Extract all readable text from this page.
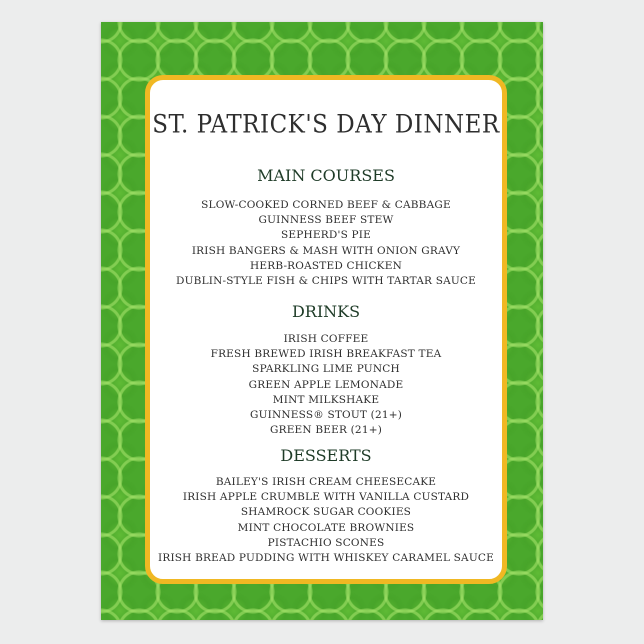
ST. PATRICK'S DAY DINNER
MAIN COURSES
SLOW-COOKED CORNED BEEF & CABBAGE
GUINNESS BEEF STEW
SEPHERD'S PIE
IRISH BANGERS & MASH WITH ONION GRAVY
HERB-ROASTED CHICKEN
DUBLIN-STYLE FISH & CHIPS WITH TARTAR SAUCE
DRINKS
IRISH COFFEE
FRESH BREWED IRISH BREAKFAST TEA
SPARKLING LIME PUNCH
GREEN APPLE LEMONADE
MINT MILKSHAKE
GUINNESS® STOUT (21+)
GREEN BEER (21+)
DESSERTS
BAILEY'S IRISH CREAM CHEESECAKE
IRISH APPLE CRUMBLE WITH VANILLA CUSTARD
SHAMROCK SUGAR COOKIES
MINT CHOCOLATE BROWNIES
PISTACHIO SCONES
IRISH BREAD PUDDING WITH WHISKEY CARAMEL SAUCE
